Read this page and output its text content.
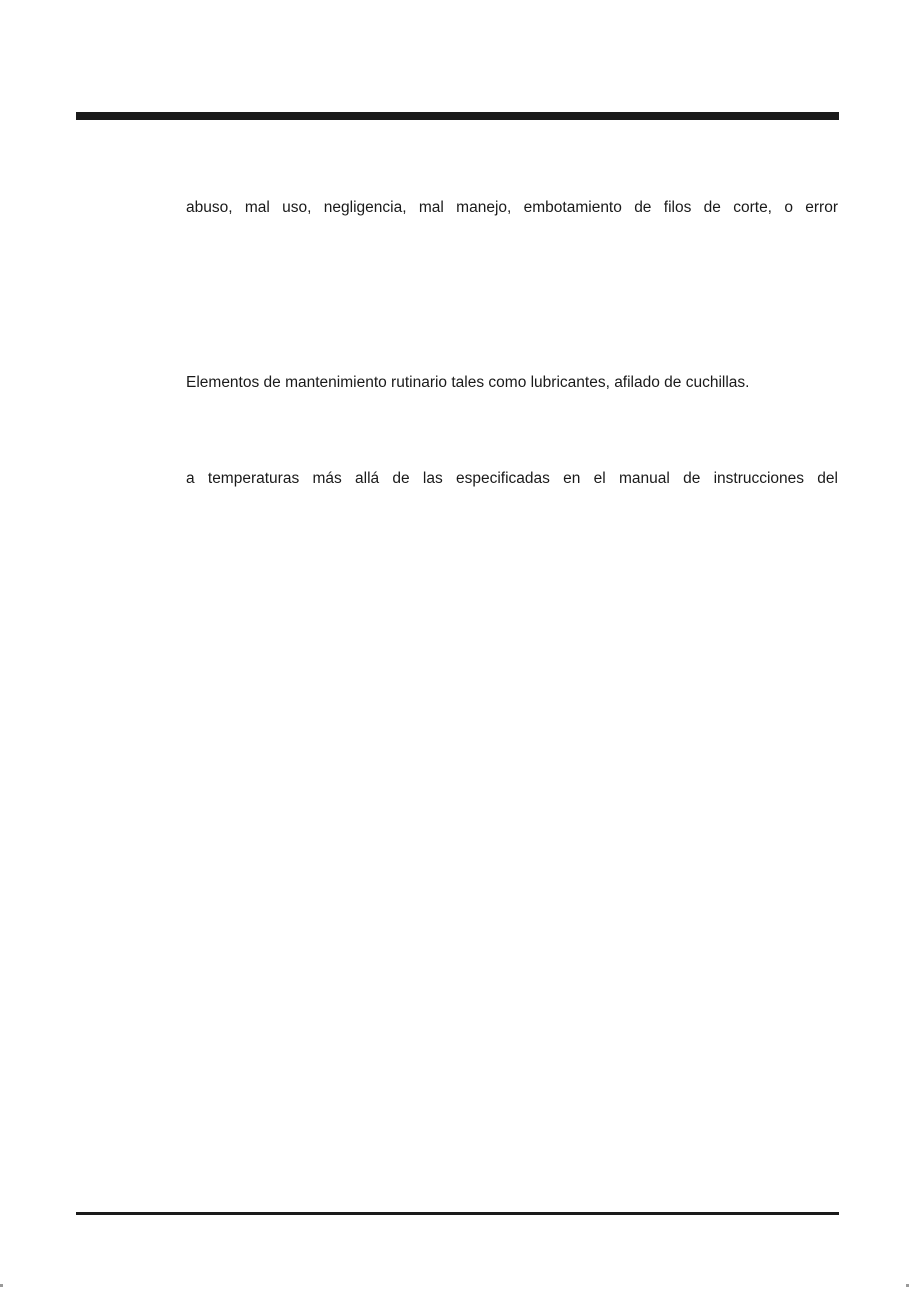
abuso, mal uso, negligencia, mal manejo, embotamiento de filos de corte, o error
Elementos de mantenimiento rutinario tales como lubricantes, afilado de cuchillas.
a temperaturas más allá de las especificadas en el manual de instrucciones del
